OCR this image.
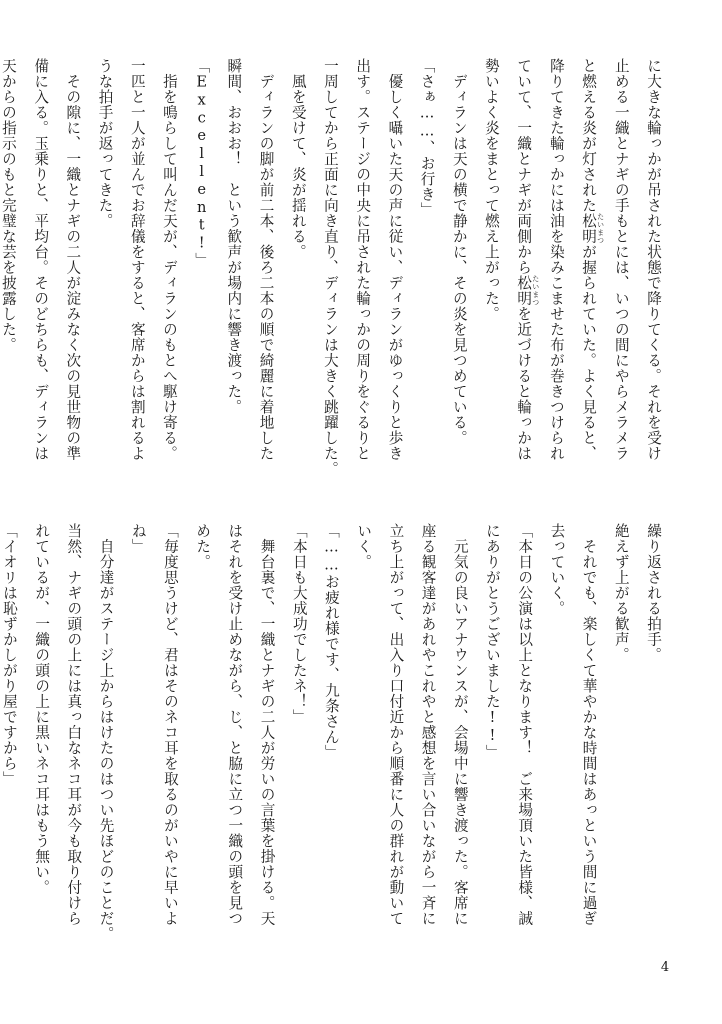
に大きな輪っかが吊された状態で降りてくる。それを受け
止める一織とナギの手もとには、いつの間にやらメラメラ
と燃える炎が灯された松明 たいまつが握られていた。よく見ると、
降りてきた輪っかには油を染みこませた布が巻きつけられ
ていて、一織とナギが両側から松明 たいまつを近づけると輪っかは
勢いよく炎をまとって燃え上がった。
　ディランは天の横で静かに、その炎を見つめている。
「さぁ……、お行き」
　優しく囁いた天の声に従い、ディランがゆっくりと歩き
出す。ステージの中央に吊された輪っかの周りをぐるりと
一周してから正面に向き直り、ディランは大きく跳躍した。
　風を受けて、炎が揺れる。
　ディランの脚が前二本、後ろ二本の順で綺麗に着地した
瞬間、おおお！　という歓声が場内に響き渡った。
「Excellent!」
　指を鳴らして叫んだ天が、ディランのもとへ駆け寄る。
一匹と一人が並んでお辞儀をすると、客席からは割れるよ
うな拍手が返ってきた。
　その隙に、一織とナギの二人が淀みなく次の見世物の準
備に入る。玉乗りと、平均台。そのどちらも、ディランは
天からの指示のもと完璧な芸を披露した。
繰り返される拍手。
絶えず上がる歓声。
　それでも、楽しくて華やかな時間はあっという間に過ぎ
去っていく。
「本日の公演は以上となります！　ご来場頂いた皆様、誠
にありがとうございました!!」
　元気の良いアナウンスが、会場中に響き渡った。客席に
座る観客達があれやこれやと感想を言い合いながら一斉に
立ち上がって、出入り口付近から順番に人の群れが動いて
いく。
「……お疲れ様です、九条さん」
「本日も大成功でしたネ！」
　舞台裏で、一織とナギの二人が労いの言葉を掛ける。天
はそれを受け止めながら、じ、と脇に立つ一織の頭を見つ
めた。
「毎度思うけど、君はそのネコ耳を取るのがいやに早いよ
ね」
　自分達がステージ上からはけたのはつい先ほどのことだ。
当然、ナギの頭の上には真っ白なネコ耳が今も取り付けら
れているが、一織の頭の上に黒いネコ耳はもう無い。
「イオリは恥ずかしがり屋ですから」
4
